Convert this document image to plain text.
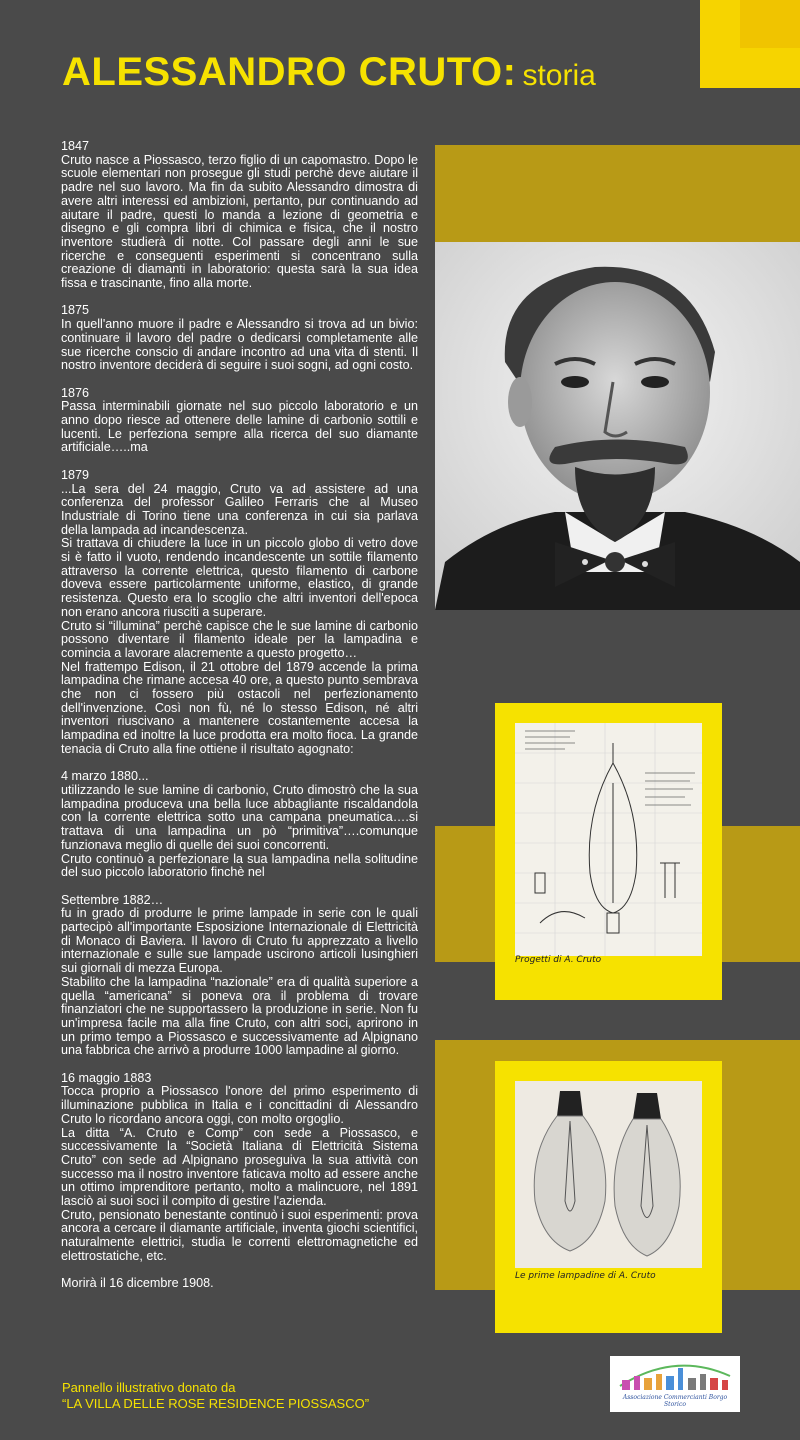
ALESSANDRO CRUTO: storia
Progetti di A. Cruto
Le prime lampadine di A. Cruto
1847

Cruto nasce a Piossasco, terzo figlio di un capomastro. Dopo le scuole elementari non prosegue gli studi perchè deve aiutare il padre nel suo lavoro. Ma fin da subito Alessandro dimostra di avere altri interessi ed ambizioni, pertanto, pur continuando ad aiutare il padre, questi lo manda a lezione di geometria e disegno e gli compra libri di chimica e fisica, che il nostro inventore studierà di notte. Col passare degli anni le sue ricerche e conseguenti esperimenti si concentrano sulla creazione di diamanti in laboratorio: questa sarà la sua idea fissa e trascinante, fino alla morte.

1875

In quell'anno muore il padre e Alessandro si trova ad un bivio: continuare il lavoro del padre o dedicarsi completamente alle sue ricerche conscio di andare incontro ad una vita di stenti. Il nostro inventore deciderà di seguire i suoi sogni, ad ogni costo.

1876

Passa interminabili giornate nel suo piccolo laboratorio e un anno dopo riesce ad ottenere delle lamine di carbonio sottili e lucenti. Le perfeziona sempre alla ricerca del suo diamante artificiale…..ma

1879
...La sera del 24 maggio, Cruto va ad assistere ad una conferenza del professor Galileo Ferraris che al Museo Industriale di Torino tiene una conferenza in cui sia parlava della lampada ad incandescenza.
Si trattava di chiudere la luce in un piccolo globo di vetro dove si è fatto il vuoto, rendendo incandescente un sottile filamento attraverso la corrente elettrica, questo filamento di carbone doveva essere particolarmente uniforme, elastico, di grande resistenza. Questo era lo scoglio che altri inventori dell'epoca non erano ancora riusciti a superare.
Cruto si “illumina” perchè capisce che le sue lamine di carbonio possono diventare il filamento ideale per la lampadina e comincia a lavorare alacremente a questo progetto…

Nel frattempo Edison, il 21 ottobre del 1879 accende la prima lampadina che rimane accesa 40 ore, a questo punto sembrava che non ci fossero più ostacoli nel perfezionamento dell'invenzione. Così non fù, né lo stesso Edison, né altri inventori riuscivano a mantenere costantemente accesa la lampadina ed inoltre la luce prodotta era molto fioca. La grande tenacia di Cruto alla fine ottiene il risultato agognato:

4 marzo 1880...
utilizzando le sue lamine di carbonio, Cruto dimostrò che la sua lampadina produceva una bella luce abbagliante riscaldandola con la corrente elettrica sotto una campana pneumatica….si trattava di una lampadina un pò “primitiva”….comunque funzionava meglio di quelle dei suoi concorrenti.

Cruto continuò a perfezionare la sua lampadina nella solitudine del suo piccolo laboratorio finchè nel

Settembre 1882…
fu in grado di produrre le prime lampade in serie con le quali partecipò all'importante Esposizione Internazionale di Elettricità di Monaco di Baviera. Il lavoro di Cruto fu apprezzato a livello internazionale e sulle sue lampade uscirono articoli lusinghieri sui giornali di mezza Europa.

Stabilito che la lampadina “nazionale” era di qualità superiore a quella “americana” si poneva ora il problema di trovare finanziatori che ne supportassero la produzione in serie. Non fu un'impresa facile ma alla fine Cruto, con altri soci, aprirono in un primo tempo a Piossasco e successivamente ad Alpignano una fabbrica che arrivò a produrre 1000 lampadine al giorno.

16 maggio 1883
Tocca proprio a Piossasco l'onore del primo esperimento di illuminazione pubblica in Italia e i concittadini di Alessandro Cruto lo ricordano ancora oggi, con molto orgoglio.
La ditta “A. Cruto e Comp” con sede a Piossasco, e successivamente la “Società Italiana di Elettricità Sistema Cruto” con sede ad Alpignano proseguiva la sua attività con successo ma il nostro inventore faticava molto ad essere anche un ottimo imprenditore pertanto, molto a malincuore, nel 1891 lasciò ai suoi soci il compito di gestire l'azienda.

Cruto, pensionato benestante continuò i suoi esperimenti: prova ancora a cercare il diamante artificiale, inventa giochi scientifici, naturalmente elettrici, studia le correnti elettromagnetiche ed elettrostatiche, etc.

Morirà il 16 dicembre 1908.
Pannello illustrativo donato da
“LA VILLA DELLE ROSE RESIDENCE PIOSSASCO”	Associazione Commercianti Borgo Storico
